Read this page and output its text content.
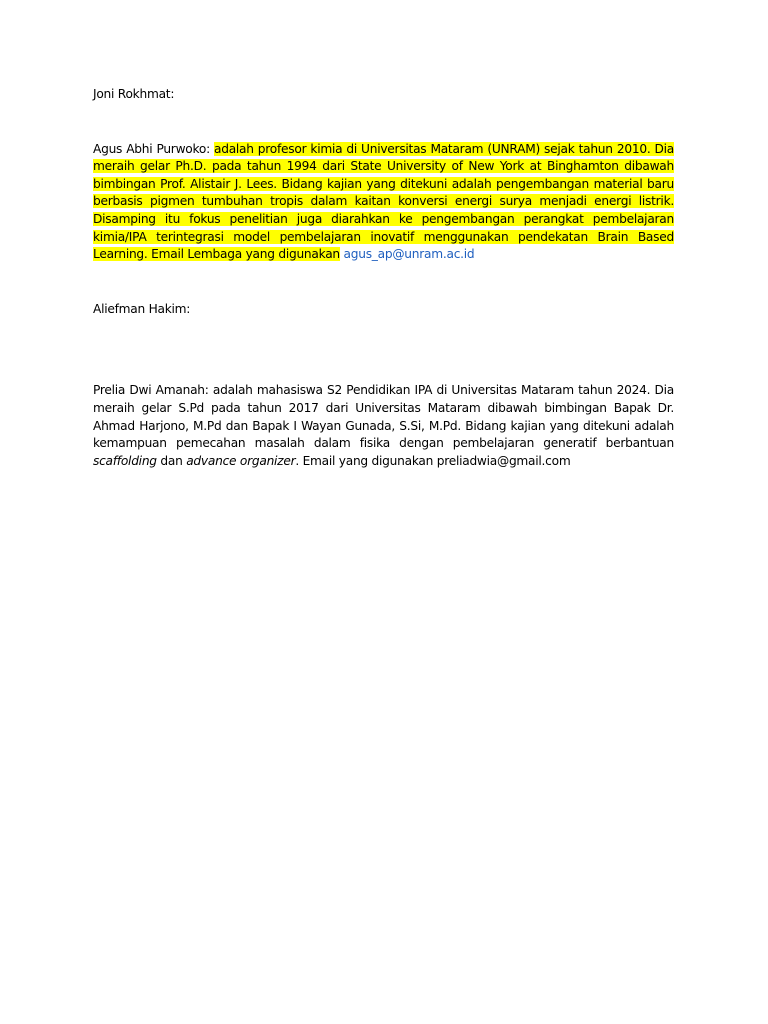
Joni Rokhmat:

Agus Abhi Purwoko: adalah profesor kimia di Universitas Mataram (UNRAM) sejak tahun 2010. Dia meraih gelar Ph.D. pada tahun 1994 dari State University of New York at Binghamton dibawah bimbingan Prof. Alistair J. Lees. Bidang kajian yang ditekuni adalah pengembangan material baru berbasis pigmen tumbuhan tropis dalam kaitan konversi energi surya menjadi energi listrik. Disamping itu fokus penelitian juga diarahkan ke pengembangan perangkat pembelajaran kimia/IPA terintegrasi model pembelajaran inovatif menggunakan pendekatan Brain Based Learning. Email Lembaga yang digunakan agus_ap@unram.ac.id

Aliefman Hakim:

Prelia Dwi Amanah: adalah mahasiswa S2 Pendidikan IPA di Universitas Mataram tahun 2024. Dia meraih gelar S.Pd pada tahun 2017 dari Universitas Mataram dibawah bimbingan Bapak Dr. Ahmad Harjono, M.Pd dan Bapak I Wayan Gunada, S.Si, M.Pd. Bidang kajian yang ditekuni adalah kemampuan pemecahan masalah dalam fisika dengan pembelajaran generatif berbantuan scaffolding dan advance organizer. Email yang digunakan preliadwia@gmail.com
